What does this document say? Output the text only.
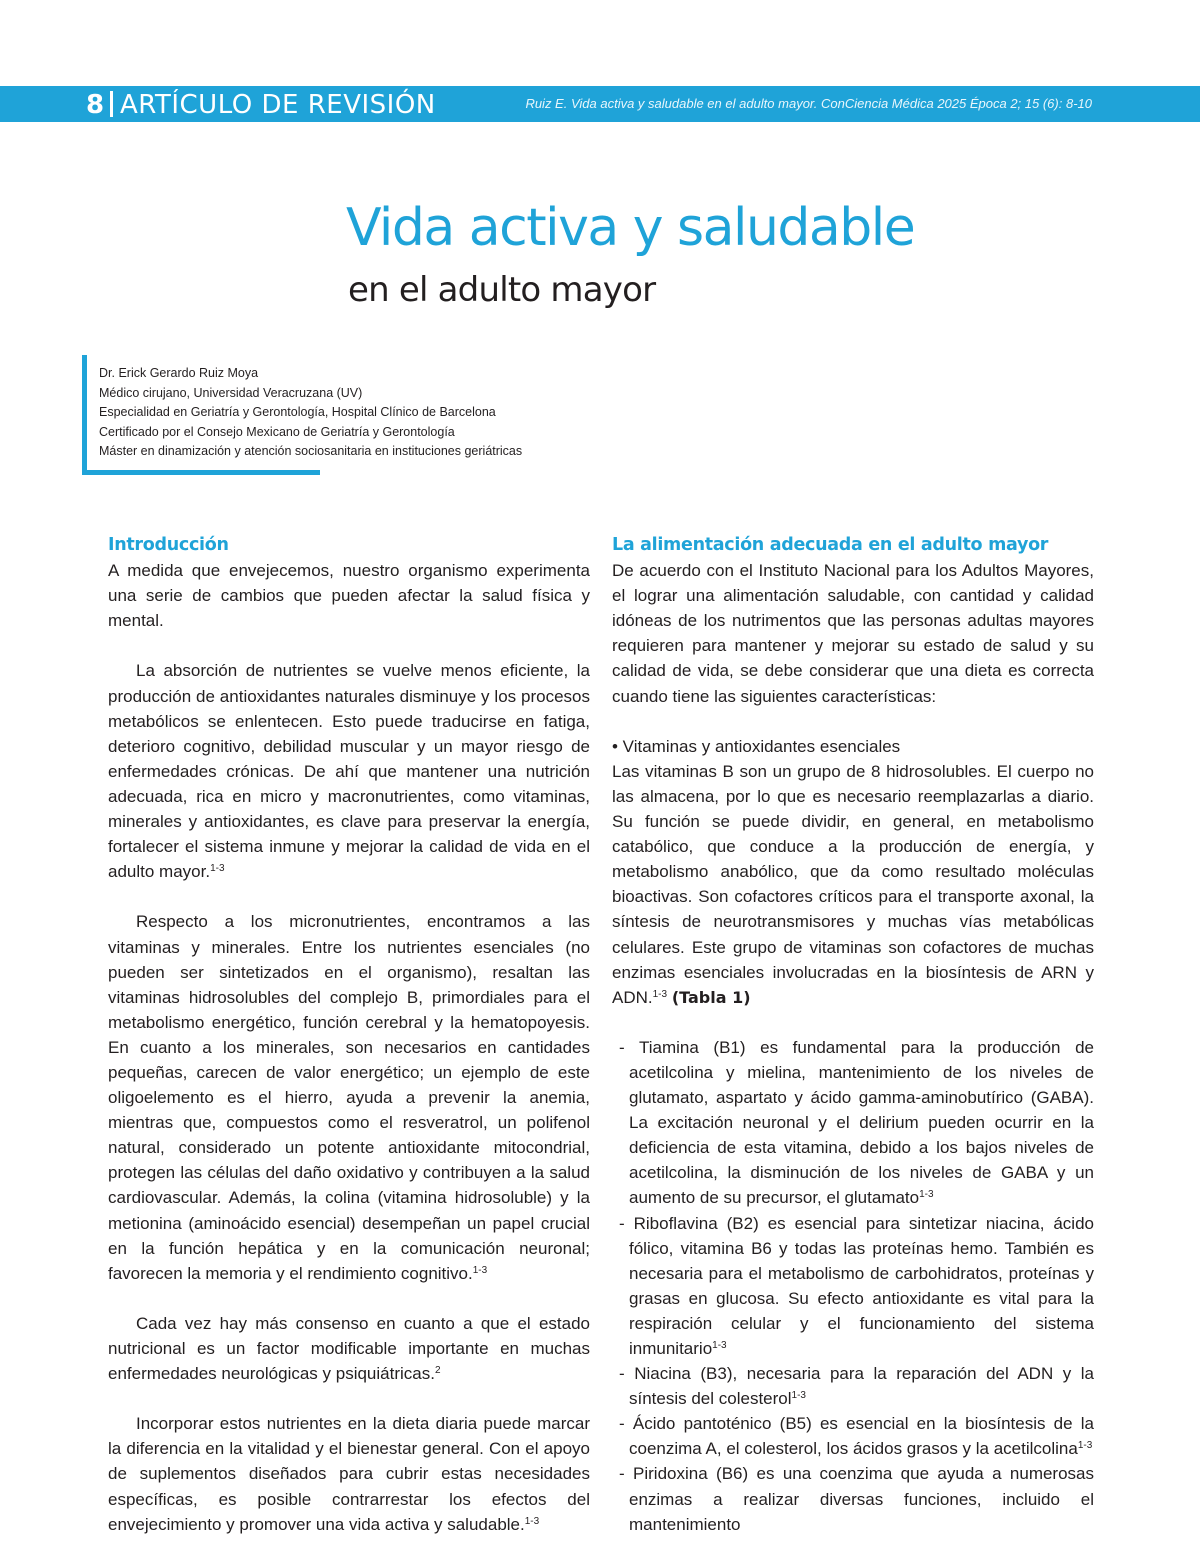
8 ARTÍCULO DE REVISIÓN	Ruiz E. Vida activa y saludable en el adulto mayor. ConCiencia Médica 2025 Época 2; 15 (6): 8-10
Vida activa y saludable
en el adulto mayor
Dr. Erick Gerardo Ruiz Moya
Médico cirujano, Universidad Veracruzana (UV)
Especialidad en Geriatría y Gerontología, Hospital Clínico de Barcelona
Certificado por el Consejo Mexicano de Geriatría y Gerontología
Máster en dinamización y atención sociosanitaria en instituciones geriátricas
Introducción

A medida que envejecemos, nuestro organismo experimenta una serie de cambios que pueden afectar la salud física y mental.

La absorción de nutrientes se vuelve menos eficiente, la producción de antioxidantes naturales disminuye y los procesos metabólicos se enlentecen. Esto puede traducirse en fatiga, deterioro cognitivo, debilidad muscular y un mayor riesgo de enfermedades crónicas. De ahí que mantener una nutrición adecuada, rica en micro y macronutrientes, como vitaminas, minerales y antioxidantes, es clave para preservar la energía, fortalecer el sistema inmune y mejorar la calidad de vida en el adulto mayor.$^{1-3}$

Respecto a los micronutrientes, encontramos a las vitaminas y minerales. Entre los nutrientes esenciales (no pueden ser sintetizados en el organismo), resaltan las vitaminas hidrosolubles del complejo B, primordiales para el metabolismo energético, función cerebral y la hematopoyesis. En cuanto a los minerales, son necesarios en cantidades pequeñas, carecen de valor energético; un ejemplo de este oligoelemento es el hierro, ayuda a prevenir la anemia, mientras que, compuestos como el resveratrol, un polifenol natural, considerado un potente antioxidante mitocondrial, protegen las células del daño oxidativo y contribuyen a la salud cardiovascular. Además, la colina (vitamina hidrosoluble) y la metionina (aminoácido esencial) desempeñan un papel crucial en la función hepática y en la comunicación neuronal; favorecen la memoria y el rendimiento cognitivo.$^{1-3}$

Cada vez hay más consenso en cuanto a que el estado nutricional es un factor modificable importante en muchas enfermedades neurológicas y psiquiátricas.$^2$

Incorporar estos nutrientes en la dieta diaria puede marcar la diferencia en la vitalidad y el bienestar general. Con el apoyo de suplementos diseñados para cubrir estas necesidades específicas, es posible contrarrestar los efectos del envejecimiento y promover una vida activa y saludable.$^{1-3}$

La alimentación adecuada en el adulto mayor

De acuerdo con el Instituto Nacional para los Adultos Mayores, el lograr una alimentación saludable, con cantidad y calidad idóneas de los nutrimentos que las personas adultas mayores requieren para mantener y mejorar su estado de salud y su calidad de vida, se debe considerar que una dieta es correcta cuando tiene las siguientes características:

• Vitaminas y antioxidantes esenciales

Las vitaminas B son un grupo de 8 hidrosolubles. El cuerpo no las almacena, por lo que es necesario reemplazarlas a diario. Su función se puede dividir, en general, en metabolismo catabólico, que conduce a la producción de energía, y metabolismo anabólico, que da como resultado moléculas bioactivas. Son cofactores críticos para el transporte axonal, la síntesis de neurotransmisores y muchas vías metabólicas celulares. Este grupo de vitaminas son cofactores de muchas enzimas esenciales involucradas en la biosíntesis de ARN y ADN.$^{1-3}$ (Tabla 1)

- Tiamina (B1) es fundamental para la producción de acetilcolina y mielina, mantenimiento de los niveles de glutamato, aspartato y ácido gamma-aminobutírico (GABA). La excitación neuronal y el delirium pueden ocurrir en la deficiencia de esta vitamina, debido a los bajos niveles de acetilcolina, la disminución de los niveles de GABA y un aumento de su precursor, el glutamato$^{1-3}$
- Riboflavina (B2) es esencial para sintetizar niacina, ácido fólico, vitamina B6 y todas las proteínas hemo. También es necesaria para el metabolismo de carbohidratos, proteínas y grasas en glucosa. Su efecto antioxidante es vital para la respiración celular y el funcionamiento del sistema inmunitario$^{1-3}$
- Niacina (B3), necesaria para la reparación del ADN y la síntesis del colesterol$^{1-3}$
- Ácido pantoténico (B5) es esencial en la biosíntesis de la coenzima A, el colesterol, los ácidos grasos y la acetilcolina$^{1-3}$
- Piridoxina (B6) es una coenzima que ayuda a numerosas enzimas a realizar diversas funciones, incluido el mantenimiento
